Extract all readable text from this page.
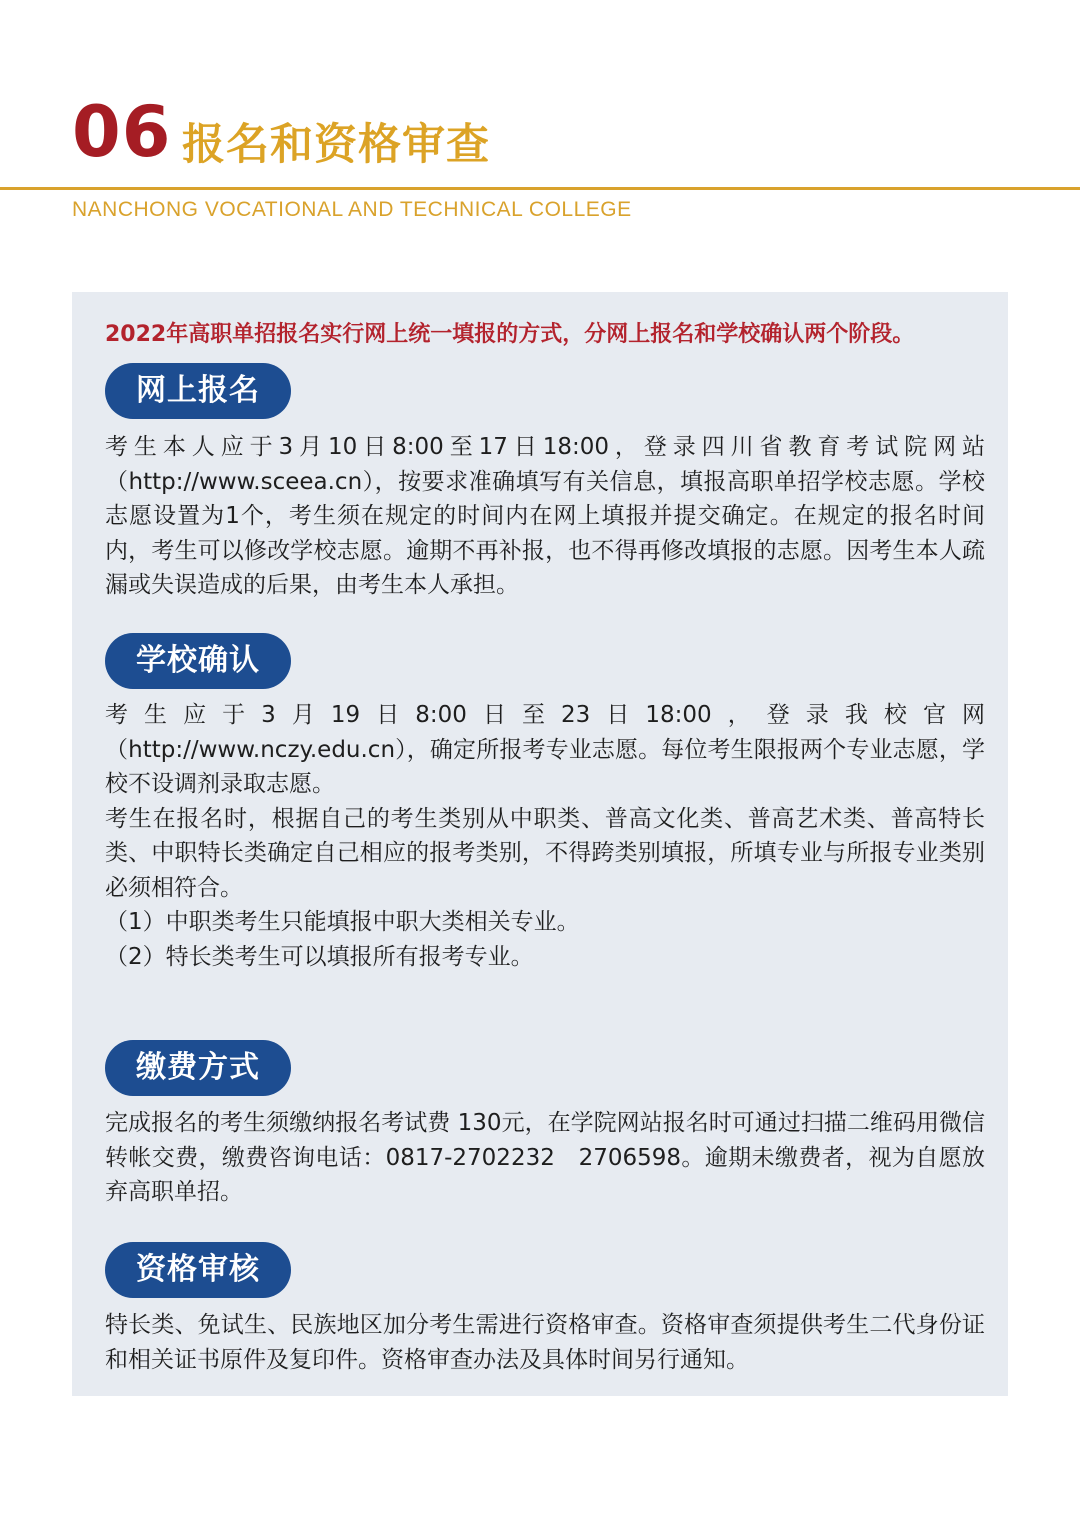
06 报名和资格审查
NANCHONG VOCATIONAL AND TECHNICAL COLLEGE
2022年高职单招报名实行网上统一填报的方式，分网上报名和学校确认两个阶段。
网上报名

考生本人应于3月10日8:00至17日18:00，登录四川省教育考试院网站（http://www.sceea.cn），按要求准确填写有关信息，填报高职单招学校志愿。学校志愿设置为1个，考生须在规定的时间内在网上填报并提交确定。在规定的报名时间内，考生可以修改学校志愿。逾期不再补报，也不得再修改填报的志愿。因考生本人疏漏或失误造成的后果，由考生本人承担。

学校确认

考生应于3月19日8:00日至23日18:00，登录我校官网（http://www.nczy.edu.cn），确定所报考专业志愿。每位考生限报两个专业志愿，学校不设调剂录取志愿。

考生在报名时，根据自己的考生类别从中职类、普高文化类、普高艺术类、普高特长类、中职特长类确定自己相应的报考类别，不得跨类别填报，所填专业与所报专业类别必须相符合。

（1）中职类考生只能填报中职大类相关专业。

（2）特长类考生可以填报所有报考专业。

缴费方式

完成报名的考生须缴纳报名考试费 130元，在学院网站报名时可通过扫描二维码用微信转帐交费，缴费咨询电话：0817-2702232　2706598。逾期未缴费者，视为自愿放弃高职单招。

资格审核

特长类、免试生、民族地区加分考生需进行资格审查。资格审查须提供考生二代身份证和相关证书原件及复印件。资格审查办法及具体时间另行通知。
